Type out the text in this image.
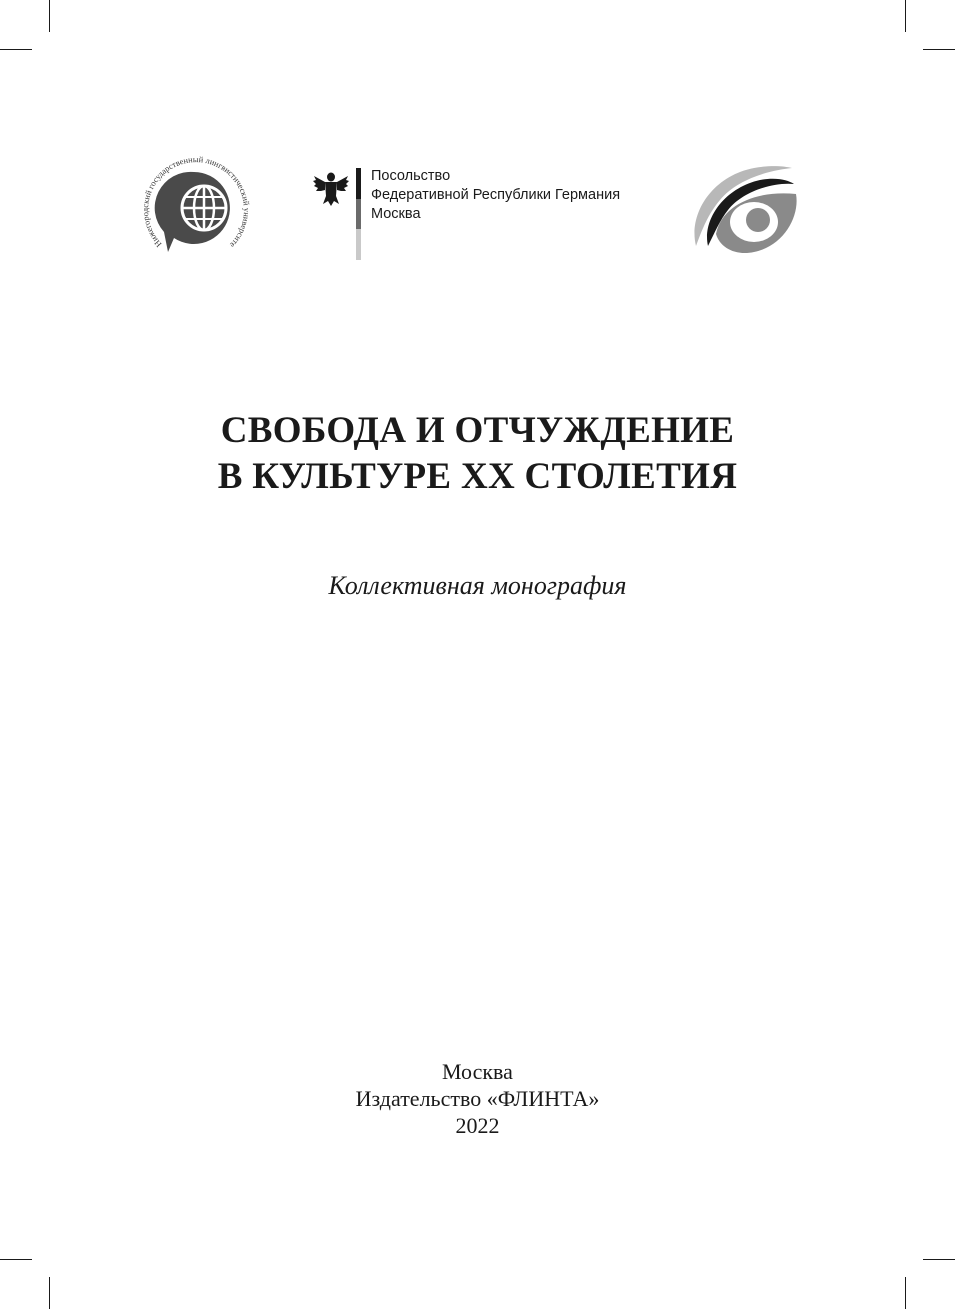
Нижегородский государственный лингвистический иверсите
Посольство
Федеративной Республики Германия
Москва
СВОБОДА И ОТЧУЖДЕНИЕ
В КУЛЬТУРЕ XX СТОЛЕТИЯ
Коллективная монография
Москва
Издательство «ФЛИНТА»
2022
